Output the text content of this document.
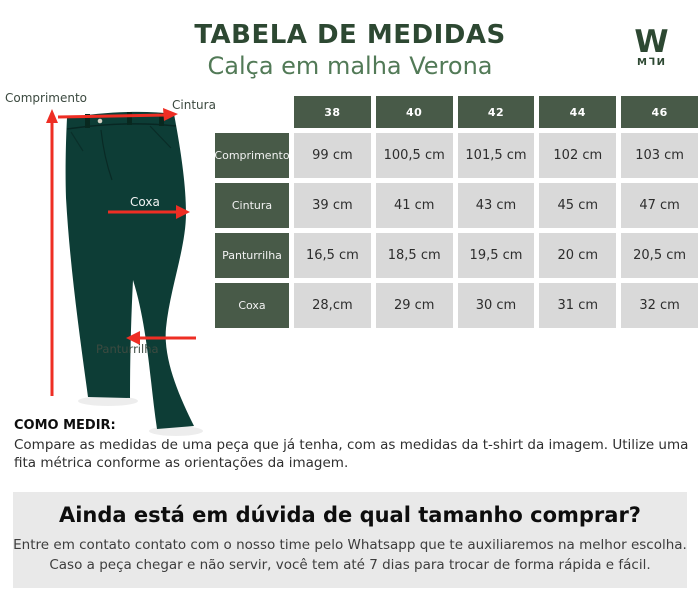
TABELA DE MEDIDAS
Calça em malha Verona
W
M⅂И
Comprimento	Cintura
Coxa
Panturrilha
38	40	42	44	46
Comprimento	99 cm	100,5 cm	101,5 cm	102 cm	103 cm
Cintura	39 cm	41 cm	43 cm	45 cm	47 cm
Panturrilha	16,5 cm	18,5 cm	19,5 cm	20 cm	20,5 cm
Coxa	28,cm	29 cm	30 cm	31 cm	32 cm
COMO MEDIR:
Compare as medidas de uma peça que já tenha, com as medidas da t-shirt da imagem. Utilize uma fita métrica conforme as orientações da imagem.
Ainda está em dúvida de qual tamanho comprar?
Entre em contato contato com o nosso time pelo Whatsapp que te auxiliaremos na melhor escolha.
Caso a peça chegar e não servir, você tem até 7 dias para trocar de forma rápida e fácil.
